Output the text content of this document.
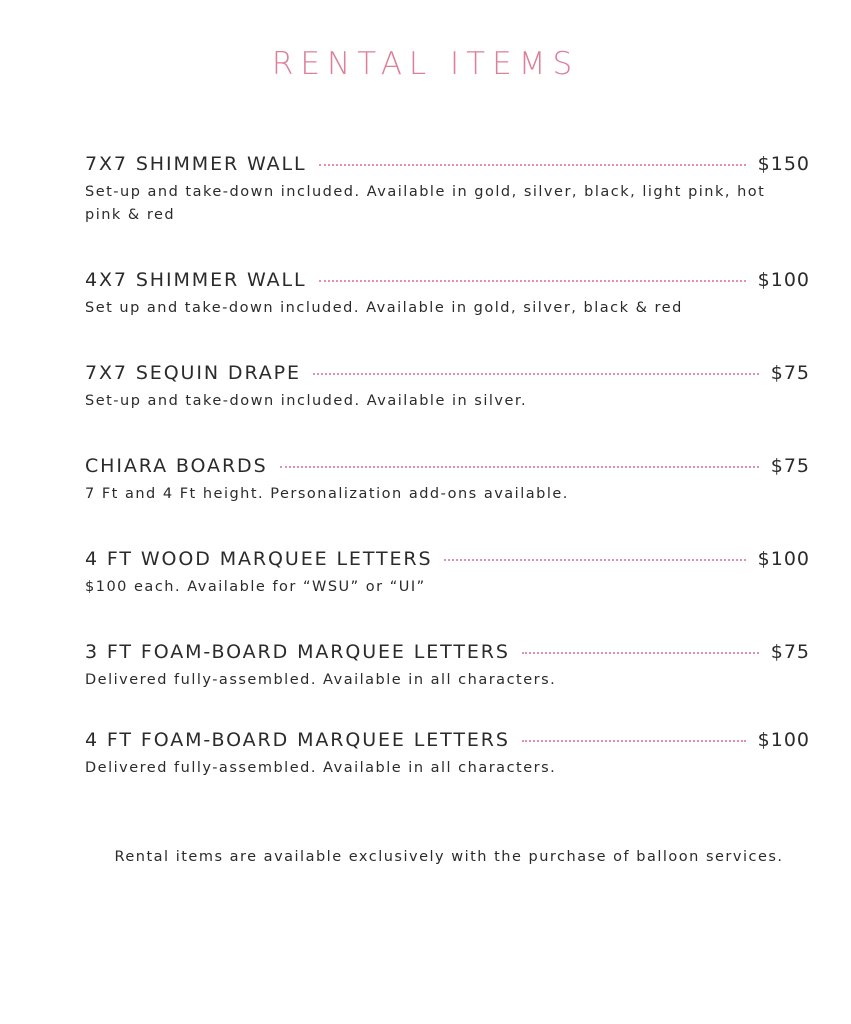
RENTAL ITEMS
7X7 SHIMMER WALL	$150
Set-up and take-down included. Available in gold, silver, black, light pink, hot pink & red
4X7 SHIMMER WALL	$100
Set up and take-down included. Available in gold, silver, black & red
7X7 SEQUIN DRAPE	$75
Set-up and take-down included. Available in silver.
CHIARA BOARDS	$75
7 Ft and 4 Ft height. Personalization add-ons available.
4 FT WOOD MARQUEE LETTERS	$100
$100 each. Available for “WSU” or “UI”
3 FT FOAM-BOARD MARQUEE LETTERS	$75
Delivered fully-assembled. Available in all characters.
4 FT FOAM-BOARD MARQUEE LETTERS	$100
Delivered fully-assembled. Available in all characters.
Rental items are available exclusively with the purchase of balloon services.
